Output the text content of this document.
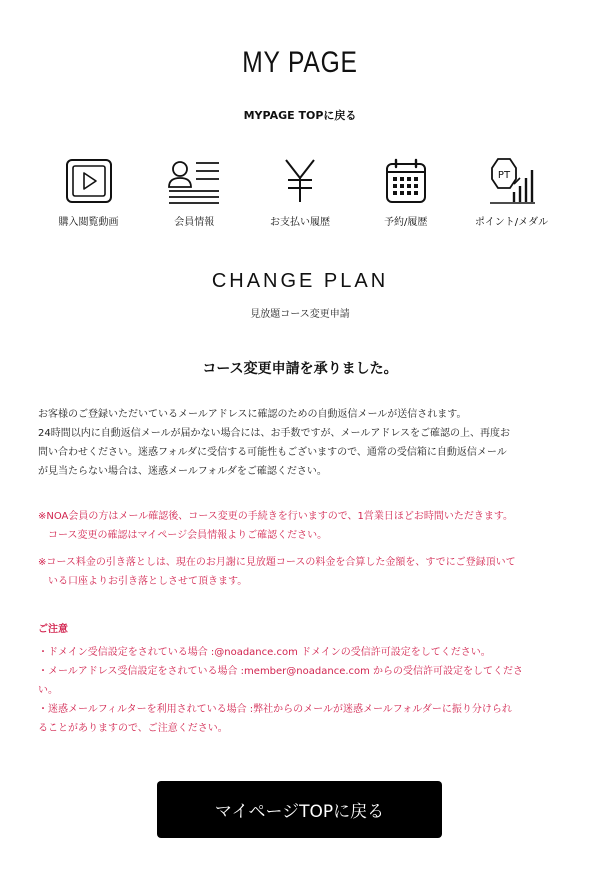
MY PAGE
MYPAGE TOPに戻る
購入閲覧動画	会員情報	お支払い履歴	予約/履歴
PT
ポイント/メダル
CHANGE PLAN
見放題コース変更申請
コース変更申請を承りました。
お客様のご登録いただいているメールアドレスに確認のための自動返信メールが送信されます。
24時間以内に自動返信メールが届かない場合には、お手数ですが、メールアドレスをご確認の上、再度お
問い合わせください。迷惑フォルダに受信する可能性もございますので、通常の受信箱に自動返信メール
が見当たらない場合は、迷惑メールフォルダをご確認ください。
※NOA会員の方はメール確認後、コース変更の手続きを行いますので、1営業日ほどお時間いただきます。
コース変更の確認はマイページ会員情報よりご確認ください。
※コース料金の引き落としは、現在のお月謝に見放題コースの料金を合算した金額を、すでにご登録頂いて
いる口座よりお引き落としさせて頂きます。
ご注意
・ドメイン受信設定をされている場合 :@noadance.com ドメインの受信許可設定をしてください。
・メールアドレス受信設定をされている場合 :member@noadance.com からの受信許可設定をしてくださ
い。
・迷惑メールフィルターを利用されている場合 :弊社からのメールが迷惑メールフォルダーに振り分けられ
ることがありますので、ご注意ください。
マイページTOPに戻る
